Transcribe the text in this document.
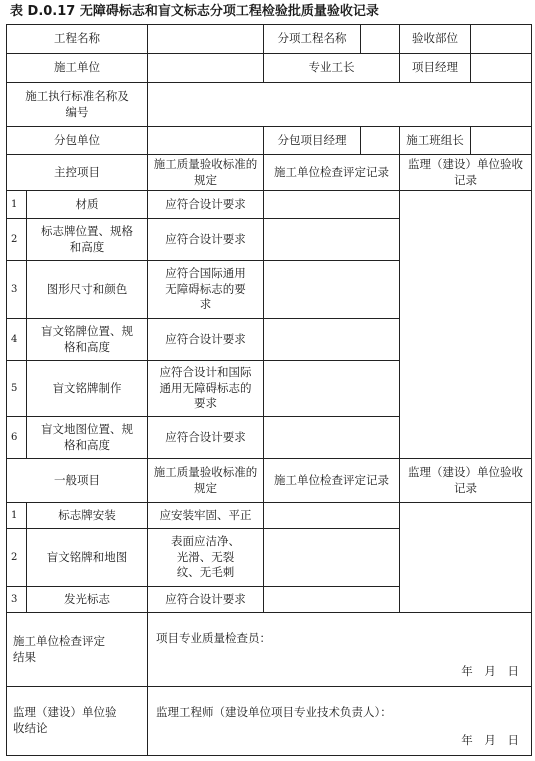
表 D.0.17 无障碍标志和盲文标志分项工程检验批质量验收记录
工程名称			分项工程名称		验收部位	
施工单位			专业工长		项目经理	
施工执行标准名称及编号						
分包单位			分包项目经理		施工班组长	
主控项目		施工质量验收标准的规定	施工单位检查评定记录		监理（建设）单位验收记录	
1	材质	应符合设计要求				
2	标志牌位置、规格和高度	应符合设计要求				
3	图形尺寸和颜色	应符合国际通用无障碍标志的要求				
4	盲文铭牌位置、规格和高度	应符合设计要求				
5	盲文铭牌制作	应符合设计和国际通用无障碍标志的要求				
6	盲文地图位置、规格和高度	应符合设计要求				
一般项目		施工质量验收标准的规定	施工单位检查评定记录		监理（建设）单位验收记录	
1	标志牌安装	应安装牢固、平正				
2	盲文铭牌和地图	表面应洁净、光滑、无裂纹、无毛刺				
3	发光标志	应符合设计要求				
施工单位检查评定结果		项目专业质量检查员：
年 月 日				

监理（建设）单位验收结论		监理工程师（建设单位项目专业技术负责人）：
年 月 日				
